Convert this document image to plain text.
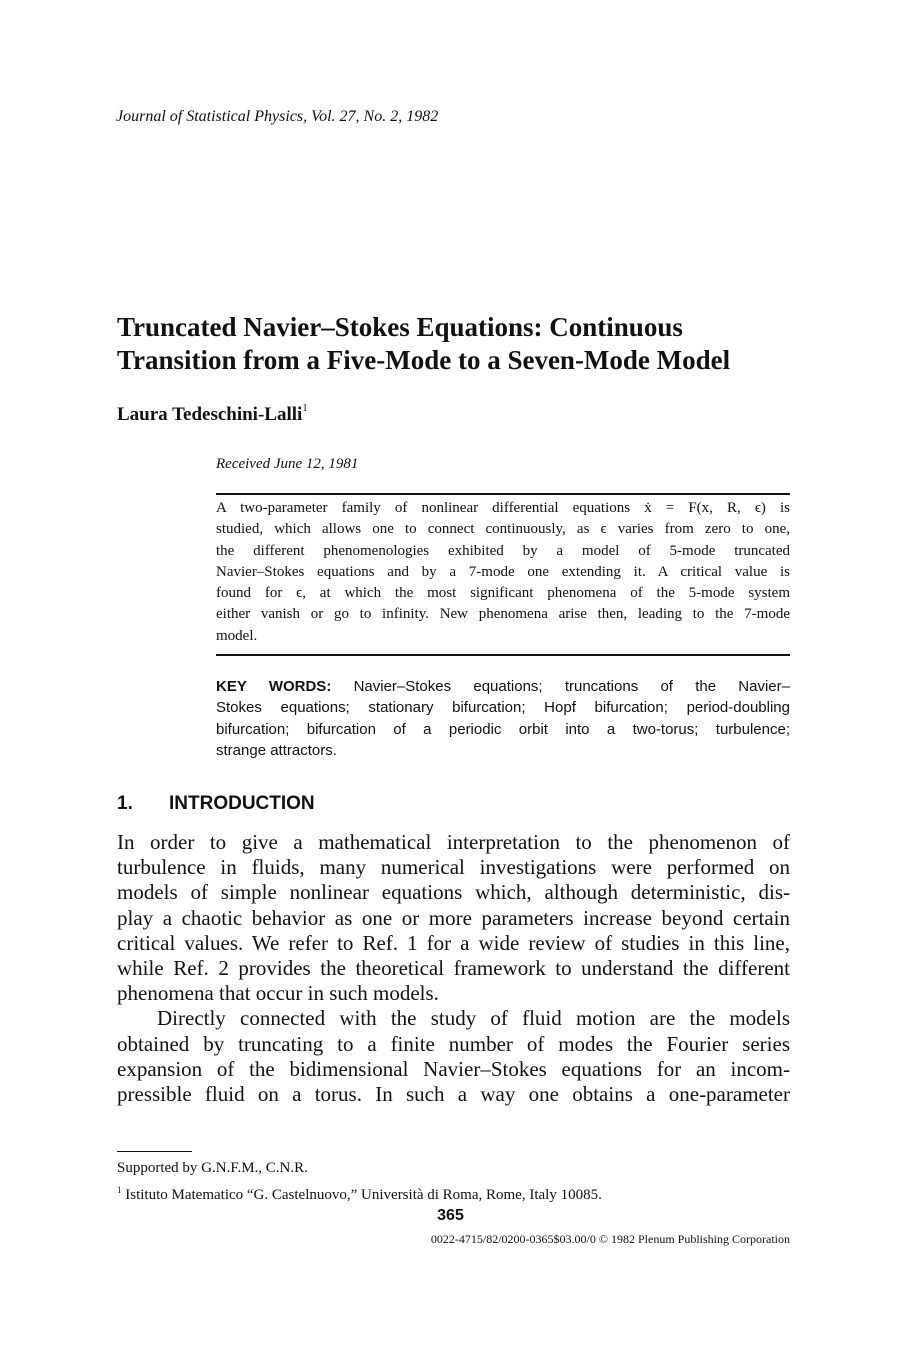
Journal of Statistical Physics, Vol. 27, No. 2, 1982
Truncated Navier–Stokes Equations: Continuous
Transition from a Five-Mode to a Seven-Mode Model
Laura Tedeschini-Lalli$^1$
Received June 12, 1981
A two-parameter family of nonlinear differential equations ẋ = F(x, R, ϵ) is
studied, which allows one to connect continuously, as ϵ varies from zero to one,
the different phenomenologies exhibited by a model of 5-mode truncated
Navier–Stokes equations and by a 7-mode one extending it. A critical value is
found for ϵ, at which the most significant phenomena of the 5-mode system
either vanish or go to infinity. New phenomena arise then, leading to the 7-mode
model.
KEY WORDS: Navier–Stokes equations; truncations of the Navier–
Stokes equations; stationary bifurcation; Hopf bifurcation; period-doubling
bifurcation; bifurcation of a periodic orbit into a two-torus; turbulence;
strange attractors.
1. INTRODUCTION
In order to give a mathematical interpretation to the phenomenon of
turbulence in fluids, many numerical investigations were performed on
models of simple nonlinear equations which, although deterministic, dis-
play a chaotic behavior as one or more parameters increase beyond certain
critical values. We refer to Ref. 1 for a wide review of studies in this line,
while Ref. 2 provides the theoretical framework to understand the different
phenomena that occur in such models.
Directly connected with the study of fluid motion are the models
obtained by truncating to a finite number of modes the Fourier series
expansion of the bidimensional Navier–Stokes equations for an incom-
pressible fluid on a torus. In such a way one obtains a one-parameter
Supported by G.N.F.M., C.N.R.
$^1$ Istituto Matematico “G. Castelnuovo,” Università di Roma, Rome, Italy 10085.
365
0022-4715/82/0200-0365$03.00/0 © 1982 Plenum Publishing Corporation
